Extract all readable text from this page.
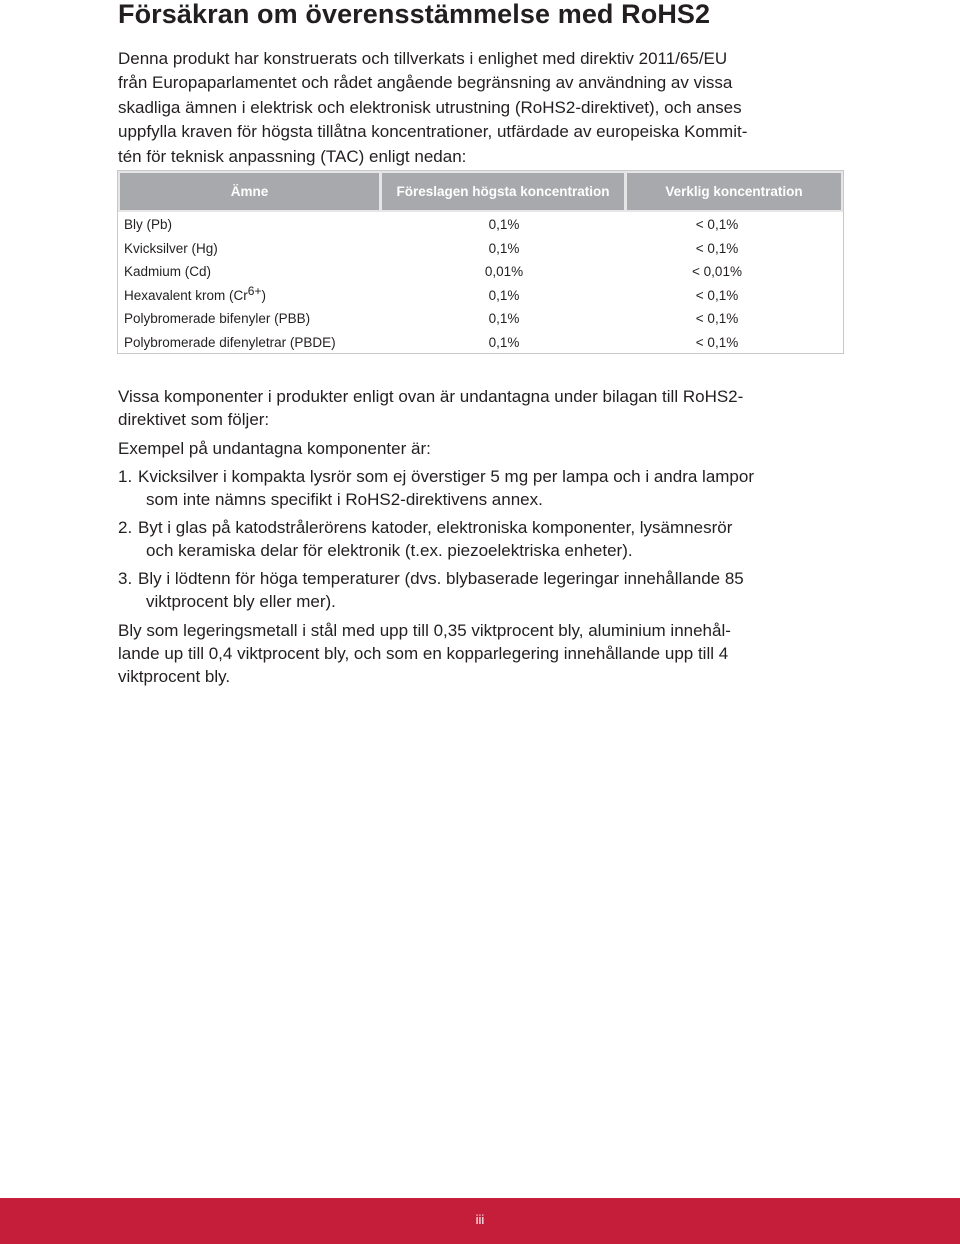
Försäkran om överensstämmelse med RoHS2

Denna produkt har konstruerats och tillverkats i enlighet med direktiv 2011/65/EU
från Europaparlamentet och rådet angående begränsning av användning av vissa
skadliga ämnen i elektrisk och elektronisk utrustning (RoHS2-direktivet), och anses
uppfylla kraven för högsta tillåtna koncentrationer, utfärdade av europeiska Kommit-
tén för teknisk anpassning (TAC) enligt nedan:

Ämne	Föreslagen högsta koncentration	Verklig koncentration
Bly (Pb)	0,1%	< 0,1%
Kvicksilver (Hg)	0,1%	< 0,1%
Kadmium (Cd)	0,01%	< 0,01%
Hexavalent krom (Cr6+)	0,1%	< 0,1%
Polybromerade bifenyler (PBB)	0,1%	< 0,1%
Polybromerade difenyletrar (PBDE)	0,1%	< 0,1%

Vissa komponenter i produkter enligt ovan är undantagna under bilagan till RoHS2-
direktivet som följer:

Exempel på undantagna komponenter är:

1. Kvicksilver i kompakta lysrör som ej överstiger 5 mg per lampa och i andra lampor
som inte nämns specifikt i RoHS2-direktivens annex.
2. Byt i glas på katodstrålerörens katoder, elektroniska komponenter, lysämnesrör
och keramiska delar för elektronik (t.ex. piezoelektriska enheter).
3. Bly i lödtenn för höga temperaturer (dvs. blybaserade legeringar innehållande 85
viktprocent bly eller mer).

Bly som legeringsmetall i stål med upp till 0,35 viktprocent bly, aluminium innehål-
lande up till 0,4 viktprocent bly, och som en kopparlegering innehållande upp till 4
viktprocent bly.

iii
